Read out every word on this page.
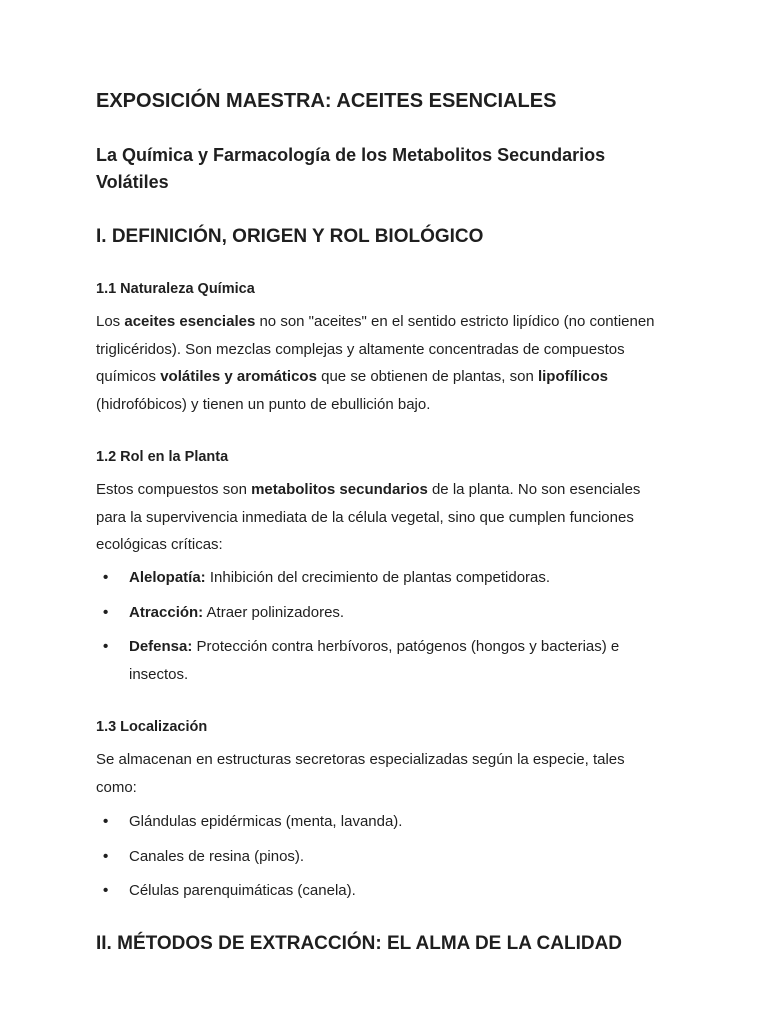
EXPOSICIÓN MAESTRA: ACEITES ESENCIALES
La Química y Farmacología de los Metabolitos Secundarios Volátiles
I. DEFINICIÓN, ORIGEN Y ROL BIOLÓGICO
1.1 Naturaleza Química

Los aceites esenciales no son "aceites" en el sentido estricto lipídico (no contienen triglicéridos). Son mezclas complejas y altamente concentradas de compuestos químicos volátiles y aromáticos que se obtienen de plantas, son lipofílicos (hidrofóbicos) y tienen un punto de ebullición bajo.

1.2 Rol en la Planta

Estos compuestos son metabolitos secundarios de la planta. No son esenciales para la supervivencia inmediata de la célula vegetal, sino que cumplen funciones ecológicas críticas:

• Alelopatía: Inhibición del crecimiento de plantas competidoras.
• Atracción: Atraer polinizadores.
• Defensa: Protección contra herbívoros, patógenos (hongos y bacterias) e insectos.
1.3 Localización

Se almacenan en estructuras secretoras especializadas según la especie, tales como:

• Glándulas epidérmicas (menta, lavanda).
• Canales de resina (pinos).
• Células parenquimáticas (canela).
II. MÉTODOS DE EXTRACCIÓN: EL ALMA DE LA CALIDAD
